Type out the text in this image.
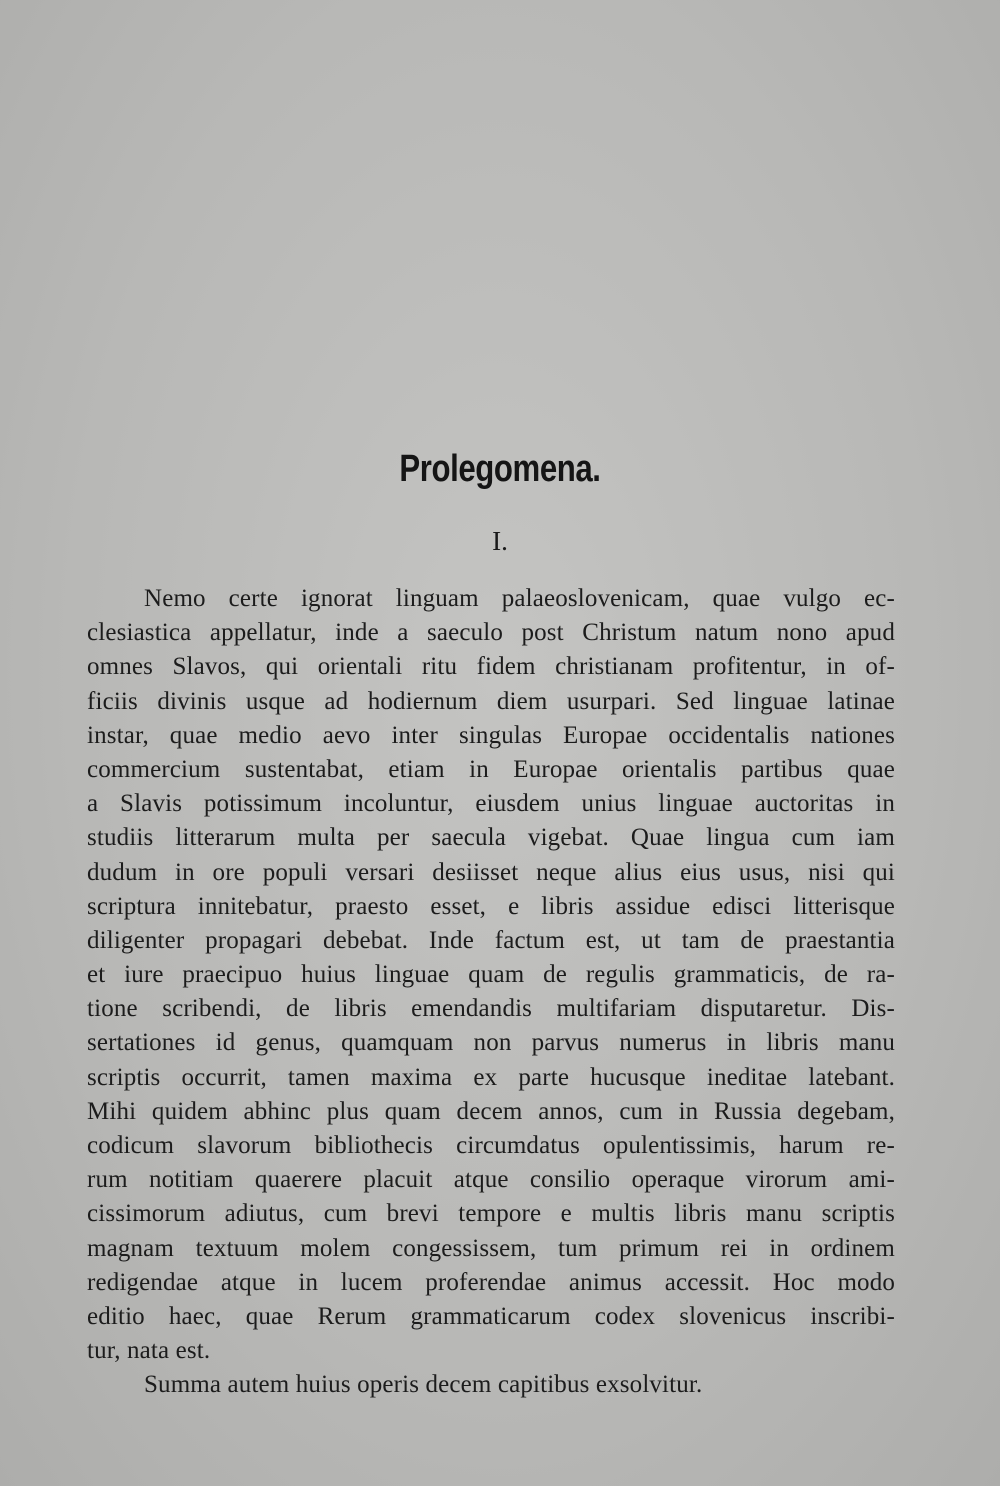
Prolegomena.
I.
Nemo certe ignorat linguam palaeoslovenicam, quae vulgo ec-
clesiastica appellatur, inde a saeculo post Christum natum nono apud
omnes Slavos, qui orientali ritu fidem christianam profitentur, in of-
ficiis divinis usque ad hodiernum diem usurpari. Sed linguae latinae
instar, quae medio aevo inter singulas Europae occidentalis nationes
commercium sustentabat, etiam in Europae orientalis partibus quae
a Slavis potissimum incoluntur, eiusdem unius linguae auctoritas in
studiis litterarum multa per saecula vigebat. Quae lingua cum iam
dudum in ore populi versari desiisset neque alius eius usus, nisi qui
scriptura innitebatur, praesto esset, e libris assidue edisci litterisque
diligenter propagari debebat. Inde factum est, ut tam de praestantia
et iure praecipuo huius linguae quam de regulis grammaticis, de ra-
tione scribendi, de libris emendandis multifariam disputaretur. Dis-
sertationes id genus, quamquam non parvus numerus in libris manu
scriptis occurrit, tamen maxima ex parte hucusque ineditae latebant.
Mihi quidem abhinc plus quam decem annos, cum in Russia degebam,
codicum slavorum bibliothecis circumdatus opulentissimis, harum re-
rum notitiam quaerere placuit atque consilio operaque virorum ami-
cissimorum adiutus, cum brevi tempore e multis libris manu scriptis
magnam textuum molem congessissem, tum primum rei in ordinem
redigendae atque in lucem proferendae animus accessit. Hoc modo
editio haec, quae Rerum grammaticarum codex slovenicus inscribi-
tur, nata est.
Summa autem huius operis decem capitibus exsolvitur.
